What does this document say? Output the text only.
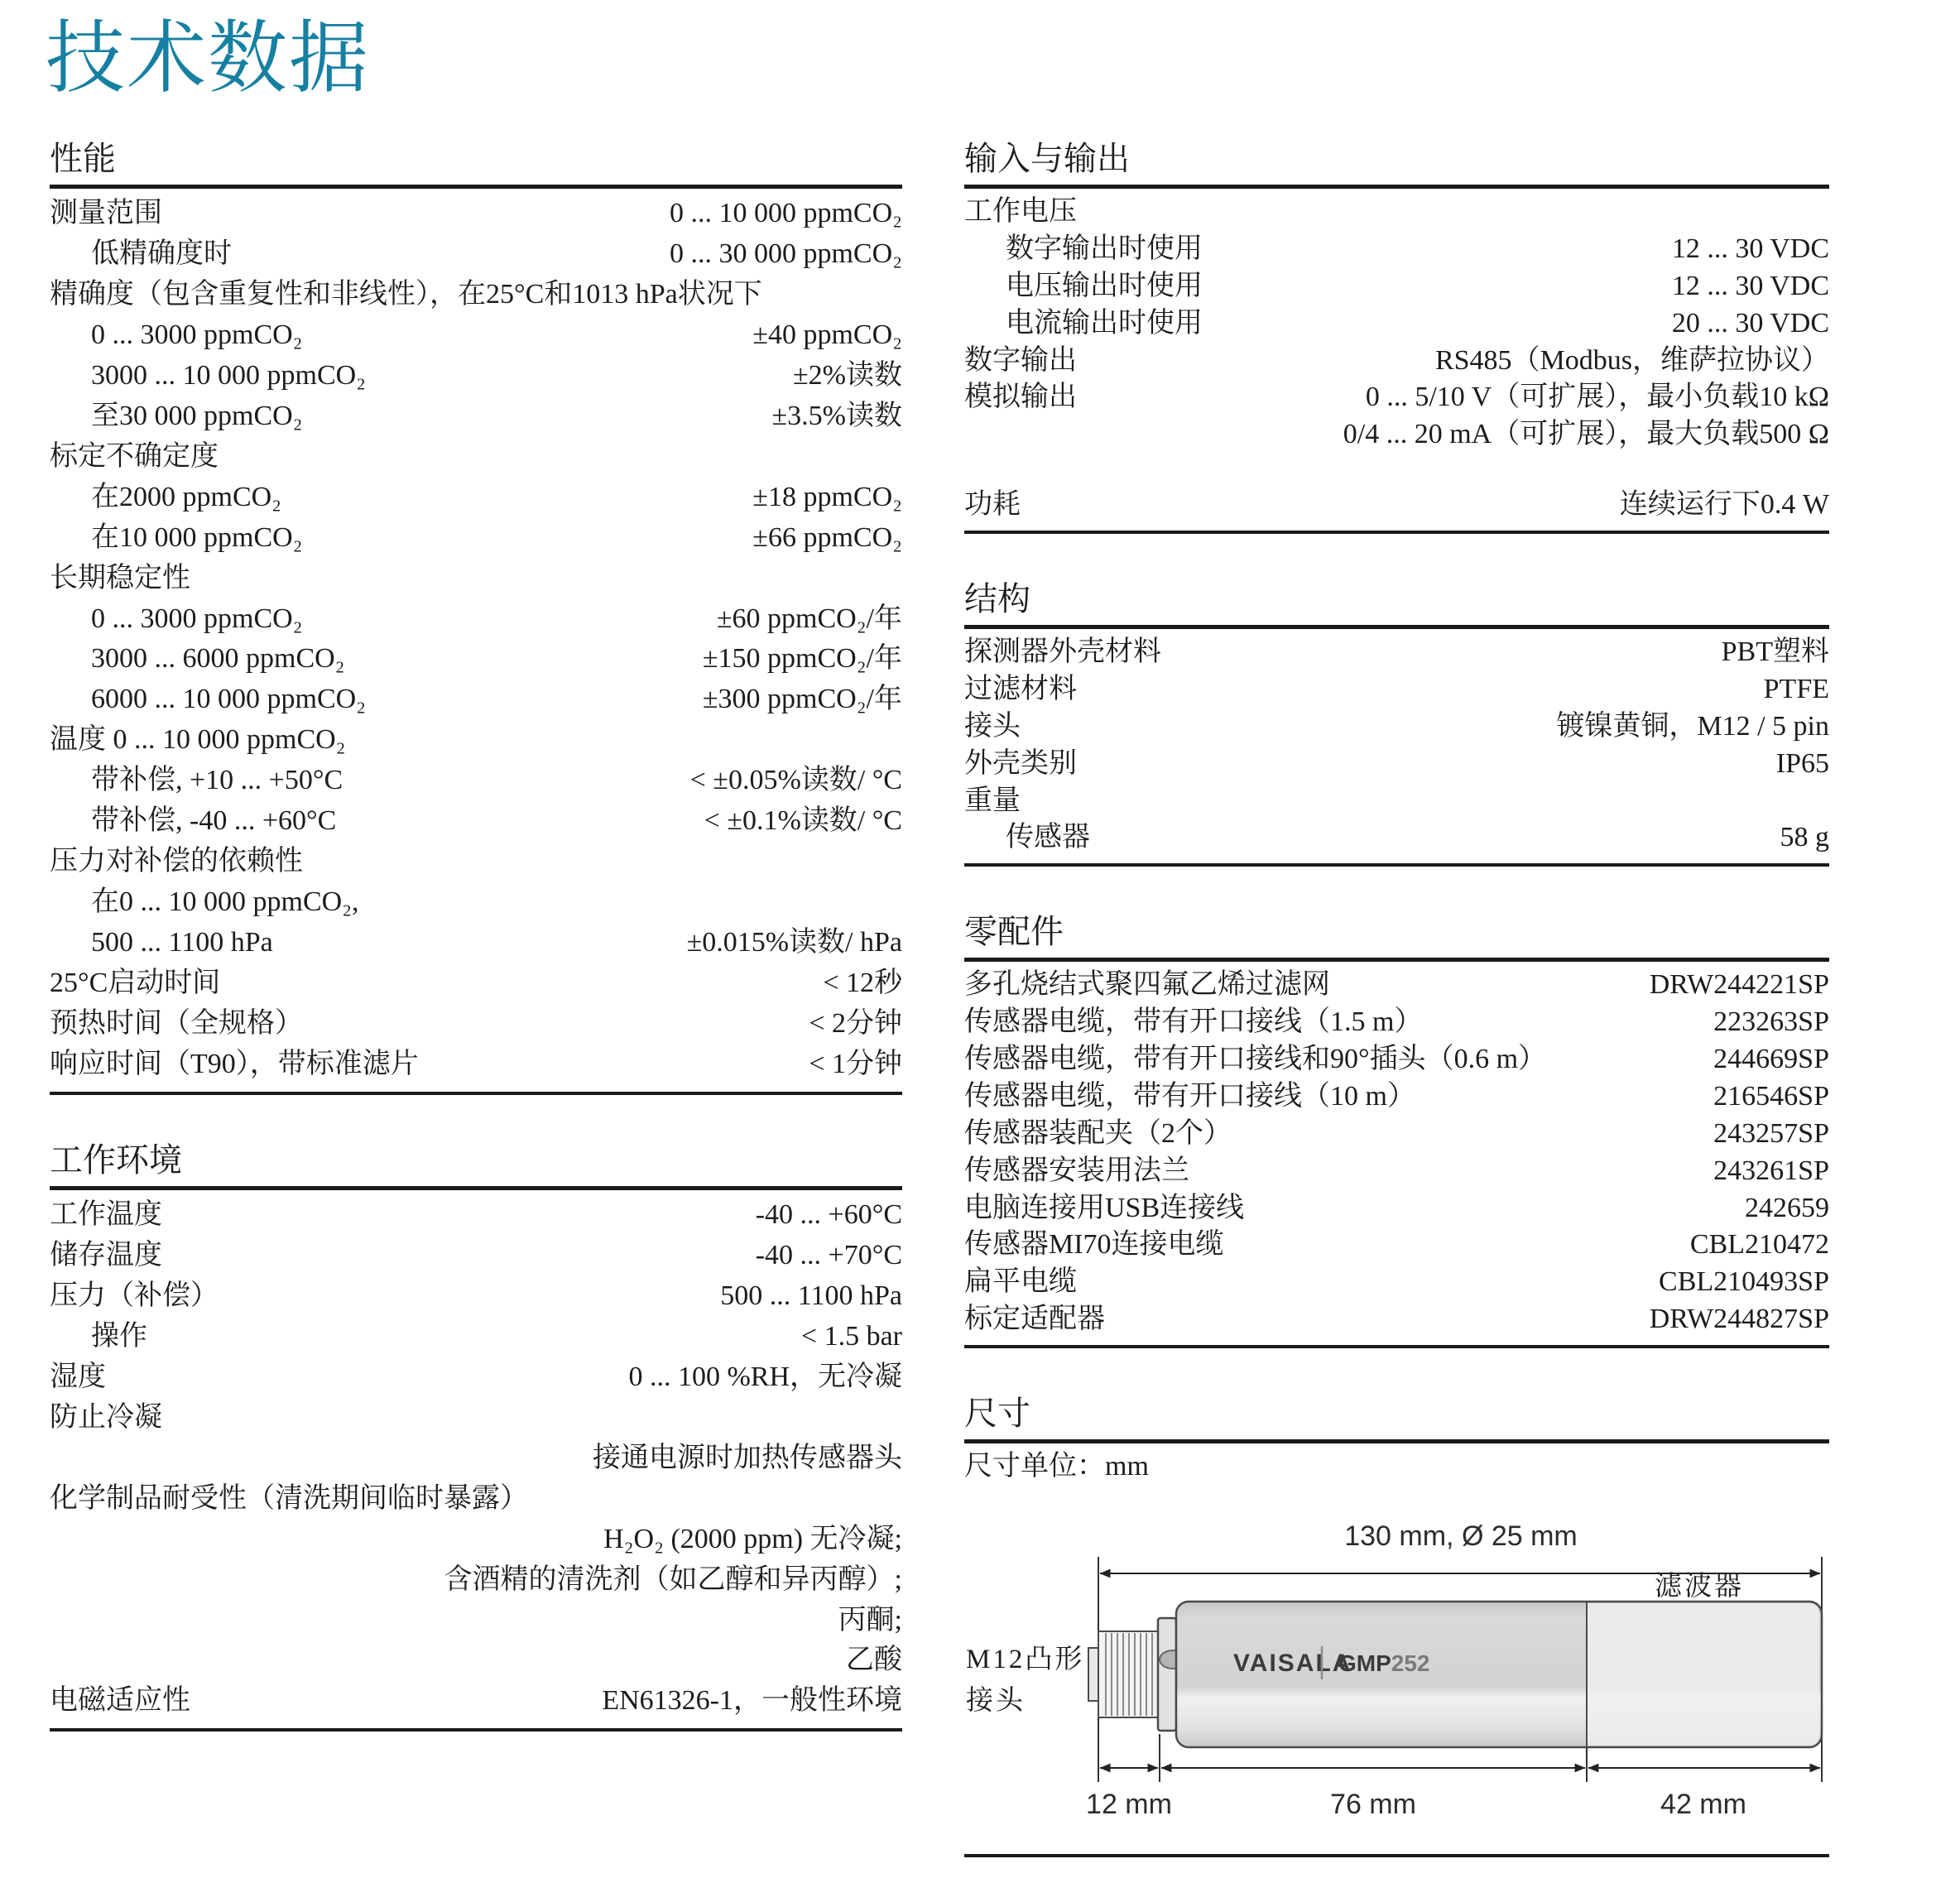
技术数据
性能
测量范围	0 ... 10 000 ppmCO₂
低精确度时	0 ... 30 000 ppmCO₂
精确度（包含重复性和非线性），在25°C和1013 hPa状况下
0 ... 3000 ppmCO₂	±40 ppmCO₂
3000 ... 10 000 ppmCO₂	±2%读数
至30 000 ppmCO₂	±3.5%读数
标定不确定度
在2000 ppmCO₂	±18 ppmCO₂
在10 000 ppmCO₂	±66 ppmCO₂
长期稳定性
0 ... 3000 ppmCO₂	±60 ppmCO₂/年
3000 ... 6000 ppmCO₂	±150 ppmCO₂/年
6000 ... 10 000 ppmCO₂	±300 ppmCO₂/年
温度 0 ... 10 000 ppmCO₂
带补偿, +10 ... +50°C	< ±0.05%读数/ °C
带补偿, -40 ... +60°C	< ±0.1%读数/ °C
压力对补偿的依赖性
在0 ... 10 000 ppmCO₂,
500 ... 1100 hPa	±0.015%读数/ hPa
25°C启动时间	< 12秒
预热时间（全规格）	< 2分钟
响应时间（T90），带标准滤片	< 1分钟
工作环境
工作温度	-40 ... +60°C
储存温度	-40 ... +70°C
压力（补偿）	500 ... 1100 hPa
操作	< 1.5 bar
湿度	0 ... 100 %RH，无冷凝
防止冷凝
接通电源时加热传感器头
化学制品耐受性（清洗期间临时暴露）
H₂O₂ (2000 ppm) 无冷凝;
含酒精的清洗剂（如乙醇和异丙醇）;
丙酮;
乙酸
电磁适应性	EN61326-1，一般性环境
输入与输出
工作电压
数字输出时使用	12 ... 30 VDC
电压输出时使用	12 ... 30 VDC
电流输出时使用	20 ... 30 VDC
数字输出	RS485（Modbus，维萨拉协议）
模拟输出	0 ... 5/10 V（可扩展），最小负载10 kΩ
0/4 ... 20 mA（可扩展），最大负载500 Ω
功耗	连续运行下0.4 W
结构
探测器外壳材料	PBT塑料
过滤材料	PTFE
接头	镀镍黄铜，M12 / 5 pin
外壳类别	IP65
重量
传感器	58 g
零配件
多孔烧结式聚四氟乙烯过滤网	DRW244221SP
传感器电缆，带有开口接线（1.5 m）	223263SP
传感器电缆，带有开口接线和90°插头（0.6 m）	244669SP
传感器电缆，带有开口接线（10 m）	216546SP
传感器装配夹（2个）	243257SP
传感器安装用法兰	243261SP
电脑连接用USB连接线	242659
传感器MI70连接电缆	CBL210472
扁平电缆	CBL210493SP
标定适配器	DRW244827SP
尺寸
尺寸单位：mm
130 mm, Ø 25 mm
滤波器
VAISALA
GMP252
M12凸形接头
12 mm	76 mm	42 mm
